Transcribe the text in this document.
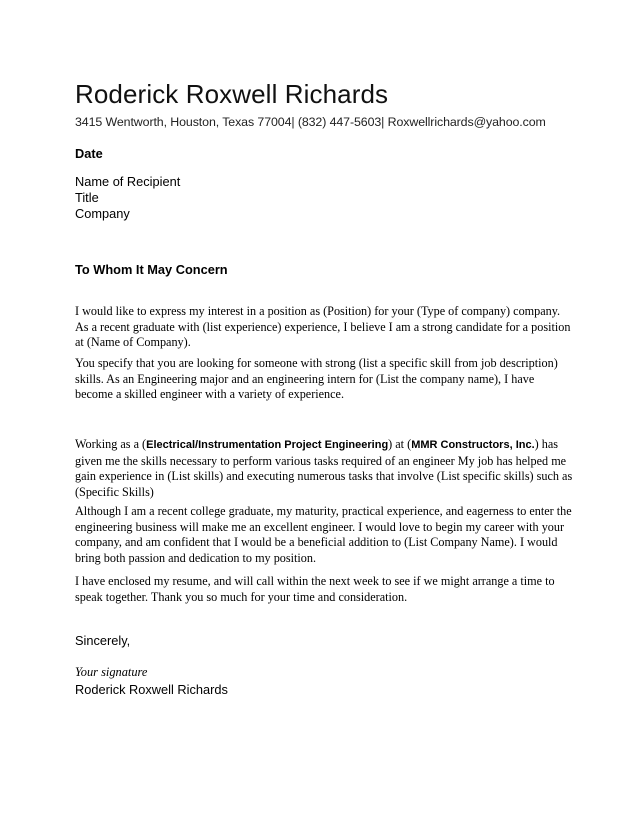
Roderick Roxwell Richards
3415 Wentworth, Houston, Texas 77004| (832) 447-5603| Roxwellrichards@yahoo.com
Date
Name of Recipient
Title
Company
To Whom It May Concern
I would like to express my interest in a position as (Position) for your (Type of company) company. As a recent graduate with (list experience) experience, I believe I am a strong candidate for a position at (Name of Company).
You specify that you are looking for someone with strong (list a specific skill from job description) skills. As an Engineering major and an engineering intern for (List the company name), I have become a skilled engineer with a variety of experience.
Working as a (Electrical/Instrumentation Project Engineering) at (MMR Constructors, Inc.) has given me the skills necessary to perform various tasks required of an engineer My job has helped me gain experience in (List skills) and executing numerous tasks that involve (List specific skills) such as (Specific Skills)
Although I am a recent college graduate, my maturity, practical experience, and eagerness to enter the engineering business will make me an excellent engineer. I would love to begin my career with your company, and am confident that I would be a beneficial addition to (List Company Name). I would bring both passion and dedication to my position.
I have enclosed my resume, and will call within the next week to see if we might arrange a time to speak together. Thank you so much for your time and consideration.
Sincerely,
Your signature
Roderick Roxwell Richards
